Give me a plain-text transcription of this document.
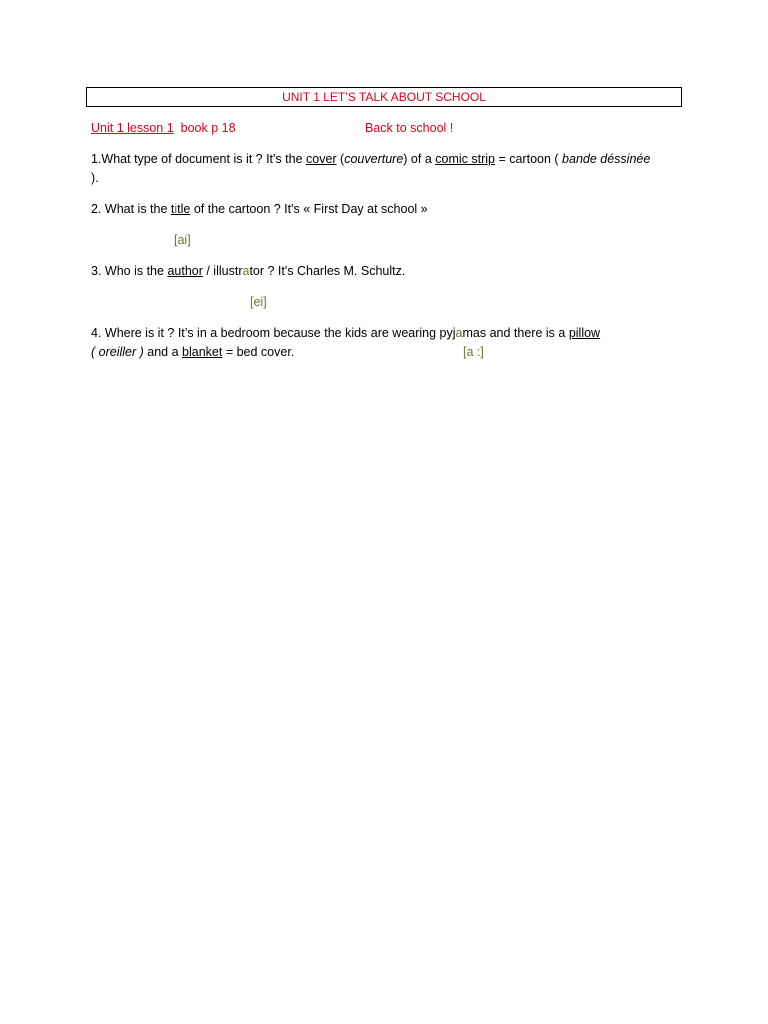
UNIT 1 LET’S TALK ABOUT SCHOOL
Unit 1 lesson 1 book p 18	Back to school !
1.What type of document is it ? It's the cover (couverture) of a comic strip = cartoon ( bande déssinée
).
2. What is the title of the cartoon ? It's « First Day at school »
[ai]
3. Who is the author / illustrator ? It's Charles M. Schultz.
[ei]
4. Where is it ? It’s in a bedroom because the kids are wearing pyjamas and there is a pillow
( oreiller ) and a blanket = bed cover.	[a :]
